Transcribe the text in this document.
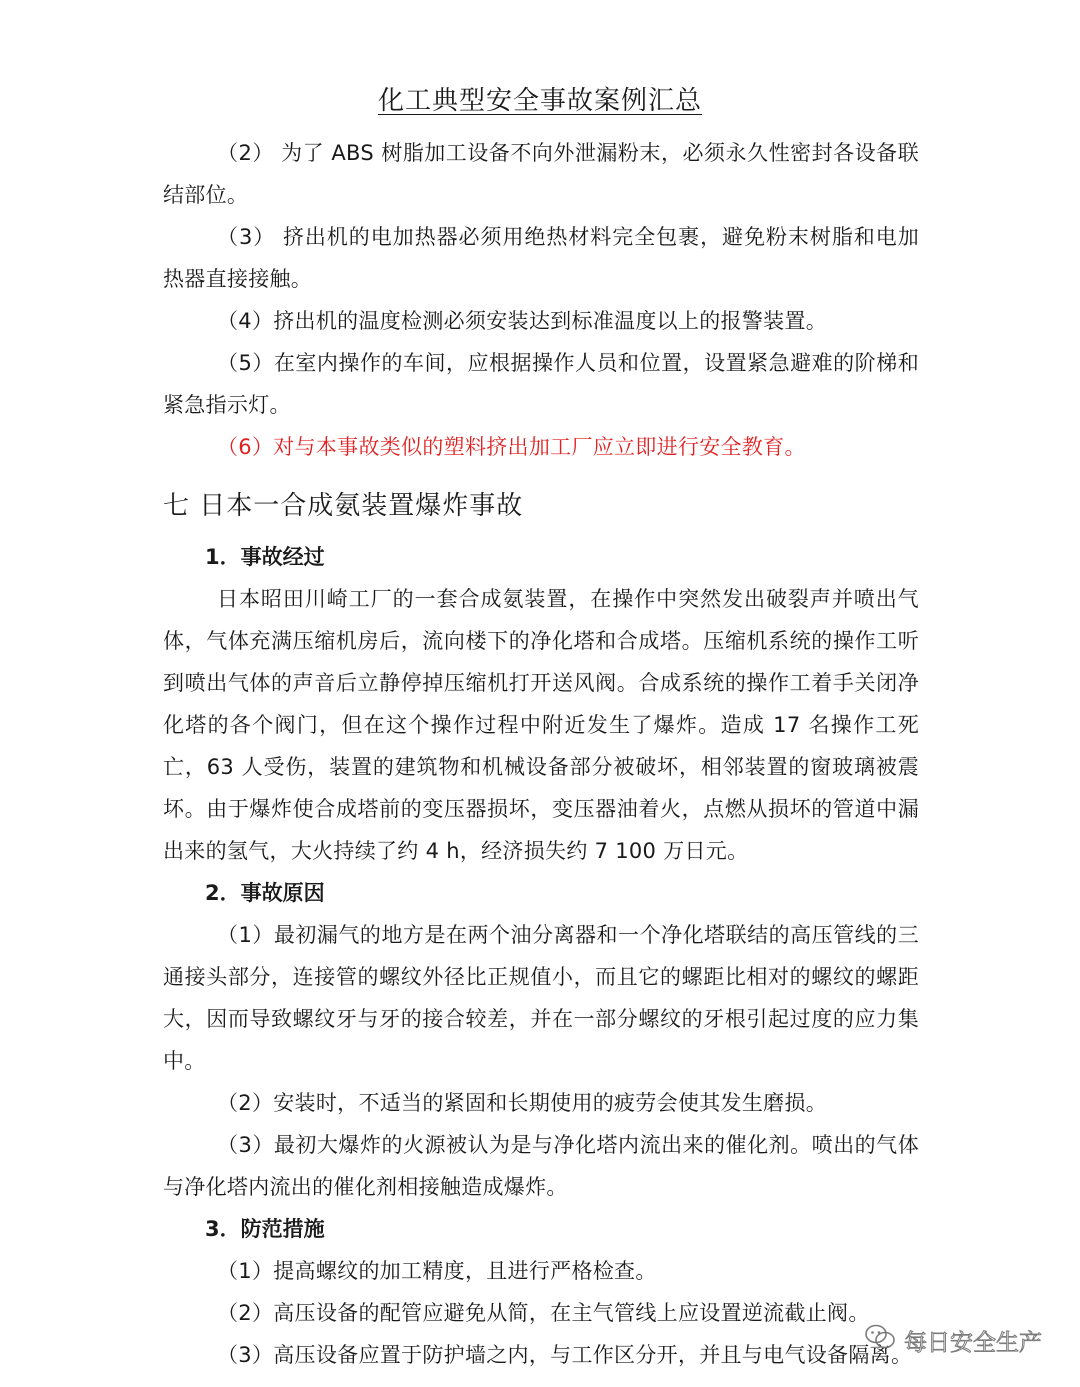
化工典型安全事故案例汇总

（2） 为了 ABS 树脂加工设备不向外泄漏粉末，必须永久性密封各设备联结部位。

（3） 挤出机的电加热器必须用绝热材料完全包裹，避免粉末树脂和电加热器直接接触。

（4）挤出机的温度检测必须安装达到标准温度以上的报警装置。

（5）在室内操作的车间，应根据操作人员和位置，设置紧急避难的阶梯和紧急指示灯。

（6）对与本事故类似的塑料挤出加工厂应立即进行安全教育。

七 日本一合成氨装置爆炸事故
1．事故经过

日本昭田川崎工厂的一套合成氨装置，在操作中突然发出破裂声并喷出气体，气体充满压缩机房后，流向楼下的净化塔和合成塔。压缩机系统的操作工听到喷出气体的声音后立静停掉压缩机打开送风阀。合成系统的操作工着手关闭净化塔的各个阀门，但在这个操作过程中附近发生了爆炸。造成 17 名操作工死亡，63 人受伤，装置的建筑物和机械设备部分被破坏，相邻装置的窗玻璃被震坏。由于爆炸使合成塔前的变压器损坏，变压器油着火，点燃从损坏的管道中漏出来的氢气，大火持续了约 4 h，经济损失约 7 100 万日元。

2．事故原因

（1）最初漏气的地方是在两个油分离器和一个净化塔联结的高压管线的三通接头部分，连接管的螺纹外径比正规值小，而且它的螺距比相对的螺纹的螺距大，因而导致螺纹牙与牙的接合较差，并在一部分螺纹的牙根引起过度的应力集中。

（2）安装时，不适当的紧固和长期使用的疲劳会使其发生磨损。

（3）最初大爆炸的火源被认为是与净化塔内流出来的催化剂。喷出的气体与净化塔内流出的催化剂相接触造成爆炸。

3．防范措施

（1）提高螺纹的加工精度，且进行严格检查。

（2）高压设备的配管应避免从简，在主气管线上应设置逆流截止阀。

（3）高压设备应置于防护墙之内，与工作区分开，并且与电气设备隔离。

每日安全生产
